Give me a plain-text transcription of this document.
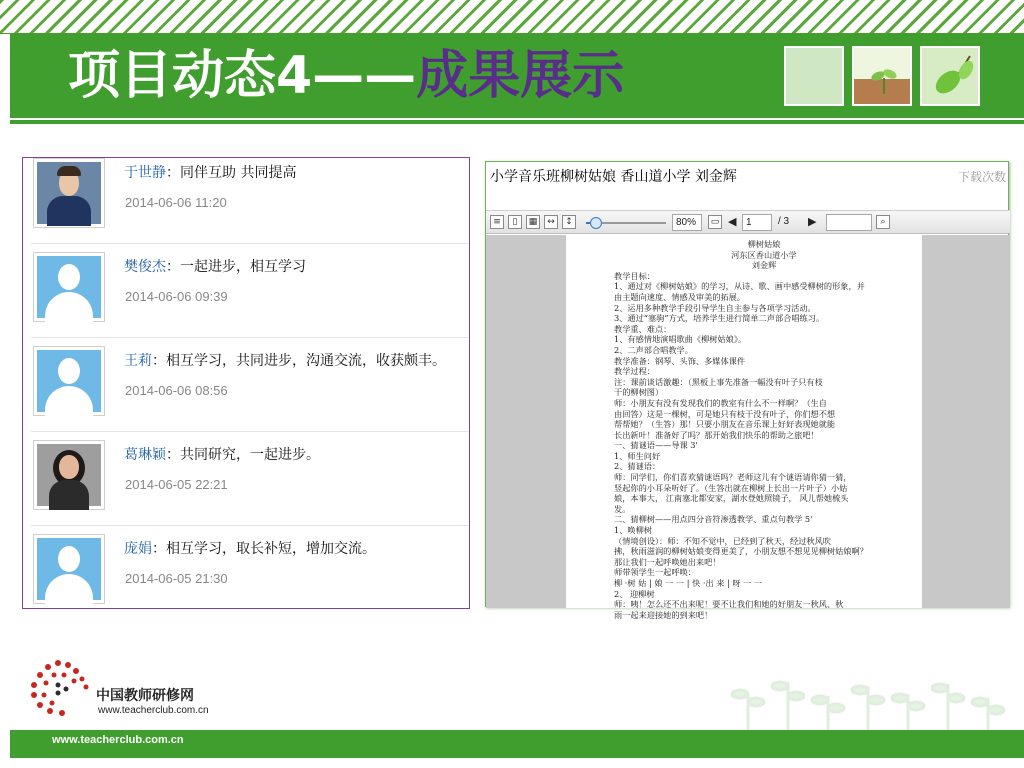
项目动态4——成果展示
于世静：同伴互助 共同提高
2014-06-06 11:20
樊俊杰：一起进步，相互学习
2014-06-06 09:39
王莉：相互学习，共同进步，沟通交流，收获颇丰。
2014-06-06 08:56
葛琳颖：共同研究，一起进步。
2014-06-05 22:21
庞娟：相互学习，取长补短，增加交流。
2014-06-05 21:30
小学音乐班柳树姑娘 香山道小学 刘金辉	下载次数
≡	▯	▦	↔	↕	80%	▭ ◀ 1	/ 3 ▶	⌕
柳树姑娘
河东区香山道小学
刘金辉
教学目标：
1、通过对《柳树姑娘》的学习，从诗、歌、画中感受柳树的形象，并
由主题向速度、情感及审美的拓展。
2、运用多种教学手段引导学生自主参与各项学习活动。
3、通过“塞驹”方式，培养学生进行简单二声部合唱练习。
教学重、难点：
1、有感情地演唱歌曲《柳树姑娘》。
2、二声部合唱教学。
教学准备：钢琴、头饰、多媒体课件
教学过程：
注：课前谈话激趣：（黑板上事先准备一幅没有叶子只有枝
干的柳树图）
师：小朋友有没有发现我们的教室有什么不一样啊？（生自
由回答）这是一棵树，可是她只有枝干没有叶子，你们想不想
帮帮她？（生答）那！只要小朋友在音乐课上好好表现她就能
长出新叶！准备好了吗？那开始我们快乐的帮助之旅吧！
一、猜谜语——导课 3'
1、师生问好
2、猜谜语：
师：同学们，你们喜欢猜谜语吗？老师这儿有个谜语请你猜一猜，
竖起你的小耳朵听好了。（生答出就在柳树上长出一片叶子）小姑
娘，本事大， 江南塞北都安家，湖水登她照镜子， 风儿帮她梳头
发。
二、猜柳树——用点四分音符渗透教学、重点句教学 5'
1、唤柳树
（情境创设）：师：不知不觉中，已经到了秋天，经过秋风吹
拂，秋雨滋润的柳树姑娘变得更美了，小朋友想不想见见柳树姑娘啊？
那让我们一起呼唤她出来吧！
师带领学生一起呼唤：
柳 ·树 姑 | 娘 一 一 | 快 ·出 来 | 呀 一 一
2、 迎柳树
师：咦！怎么还不出来呢！要不让我们和她的好朋友一秋风、秋
雨一起来迎接她的到来吧！
中国教师研修网
www.teacherclub.com.cn
www.teacherclub.com.cn
